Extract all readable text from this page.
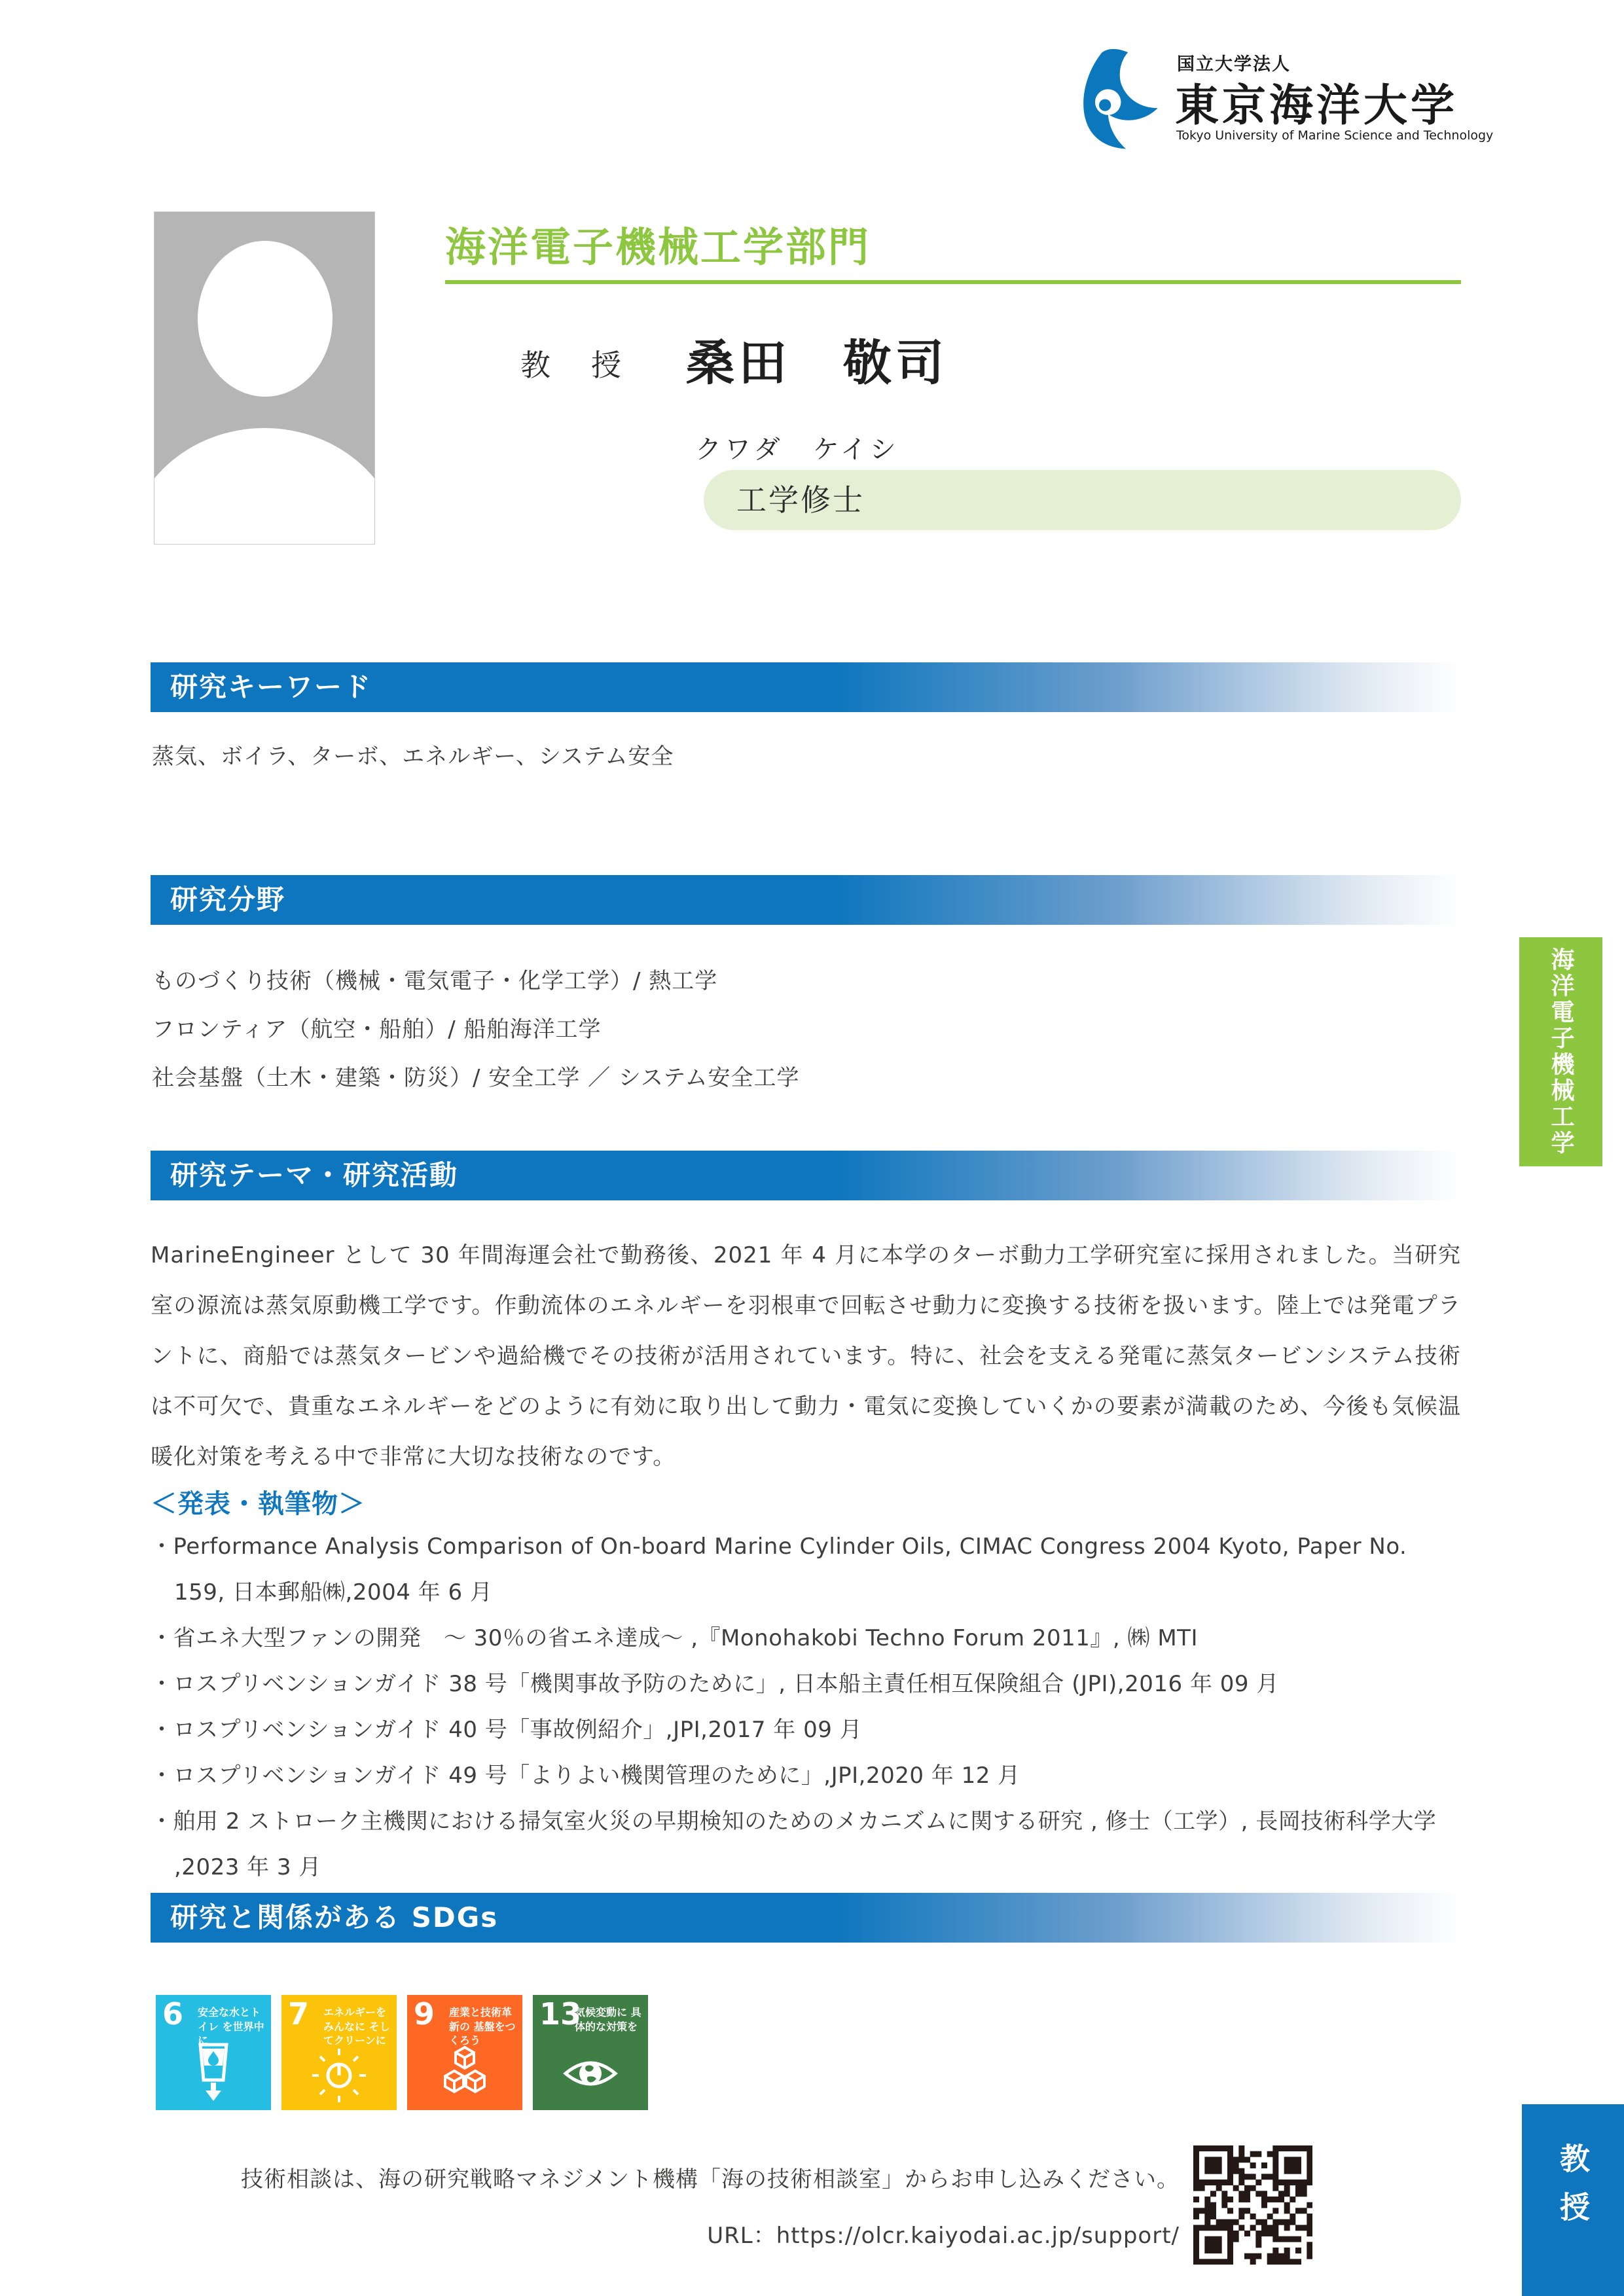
国立大学法人
東京海洋大学
Tokyo University of Marine Science and Technology
海洋電子機械工学部門
教　授 桑田　敬司
クワダ　ケイシ
工学修士
研究キーワード
蒸気、ボイラ、ターボ、エネルギー、システム安全
研究分野
ものづくり技術（機械・電気電子・化学工学）/ 熱工学
フロンティア（航空・船舶）/ 船舶海洋工学
社会基盤（土木・建築・防災）/ 安全工学 ／ システム安全工学
研究テーマ・研究活動
MarineEngineer として 30 年間海運会社で勤務後、2021 年 4 月に本学のターボ動力工学研究室に採用されました。当研究室の源流は蒸気原動機工学です。作動流体のエネルギーを羽根車で回転させ動力に変換する技術を扱います。陸上では発電プラントに、商船では蒸気タービンや過給機でその技術が活用されています。特に、社会を支える発電に蒸気タービンシステム技術は不可欠で、貴重なエネルギーをどのように有効に取り出して動力・電気に変換していくかの要素が満載のため、今後も気候温暖化対策を考える中で非常に大切な技術なのです。
＜発表・執筆物＞
・Performance Analysis Comparison of On-board Marine Cylinder Oils, CIMAC Congress 2004 Kyoto, Paper No. 159, 日本郵船㈱,2004 年 6 月
・省エネ大型ファンの開発　～ 30％の省エネ達成～ ,『Monohakobi Techno Forum 2011』, ㈱ MTI
・ロスプリベンションガイド 38 号「機関事故予防のために」, 日本船主責任相互保険組合 (JPI),2016 年 09 月
・ロスプリベンションガイド 40 号「事故例紹介」,JPI,2017 年 09 月
・ロスプリベンションガイド 49 号「よりよい機関管理のために」,JPI,2020 年 12 月
・舶用 2 ストローク主機関における掃気室火災の早期検知のためのメカニズムに関する研究 , 修士（工学）, 長岡技術科学大学 ,2023 年 3 月
研究と関係がある SDGs
6 安全な水とトイレ を世界中に
7 エネルギーをみんなに そしてクリーンに
9 産業と技術革新の 基盤をつくろう
13
気候変動に 具体的な対策を
技術相談は、海の研究戦略マネジメント機構「海の技術相談室」からお申し込みください。
URL：https://olcr.kaiyodai.ac.jp/support/
海洋電子機械工学
教授
